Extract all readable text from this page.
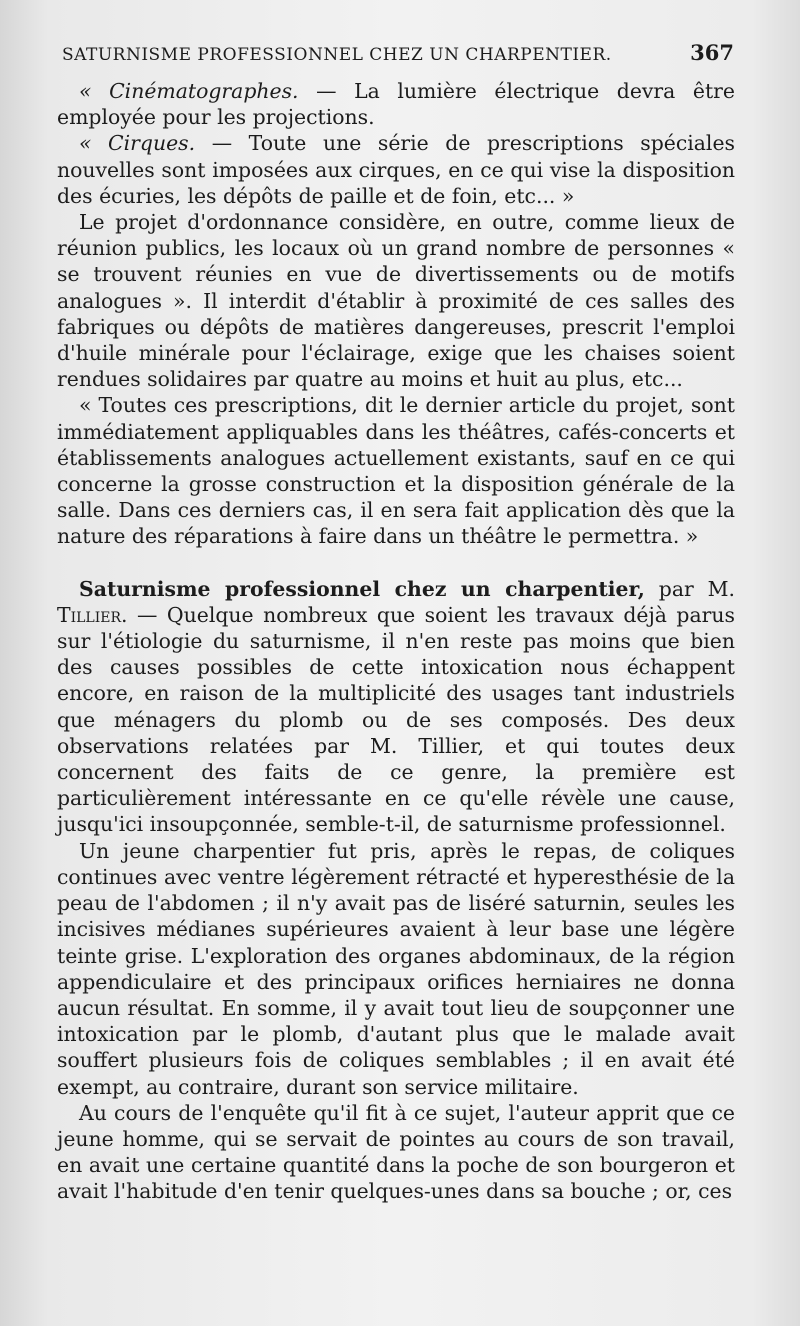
SATURNISME PROFESSIONNEL CHEZ UN CHARPENTIER.	367

« Cinématographes. — La lumière électrique devra être employée pour les projections.

« Cirques. — Toute une série de prescriptions spéciales nouvelles sont imposées aux cirques, en ce qui vise la disposition des écuries, les dépôts de paille et de foin, etc... »

Le projet d'ordonnance considère, en outre, comme lieux de réunion publics, les locaux où un grand nombre de personnes « se trouvent réunies en vue de divertissements ou de motifs analogues ». Il interdit d'établir à proximité de ces salles des fabriques ou dépôts de matières dangereuses, prescrit l'emploi d'huile minérale pour l'éclairage, exige que les chaises soient rendues solidaires par quatre au moins et huit au plus, etc...

« Toutes ces prescriptions, dit le dernier article du projet, sont immédiatement appliquables dans les théâtres, cafés-concerts et établissements analogues actuellement existants, sauf en ce qui concerne la grosse construction et la disposition générale de la salle. Dans ces derniers cas, il en sera fait application dès que la nature des réparations à faire dans un théâtre le permettra. »

Saturnisme professionnel chez un charpentier, par M. Tillier. — Quelque nombreux que soient les travaux déjà parus sur l'étiologie du saturnisme, il n'en reste pas moins que bien des causes possibles de cette intoxication nous échappent encore, en raison de la multiplicité des usages tant industriels que ménagers du plomb ou de ses composés. Des deux observations relatées par M. Tillier, et qui toutes deux concernent des faits de ce genre, la première est particulièrement intéressante en ce qu'elle révèle une cause, jusqu'ici insoupçonnée, semble-t-il, de saturnisme professionnel.

Un jeune charpentier fut pris, après le repas, de coliques continues avec ventre légèrement rétracté et hyperesthésie de la peau de l'abdomen ; il n'y avait pas de liséré saturnin, seules les incisives médianes supérieures avaient à leur base une légère teinte grise. L'exploration des organes abdominaux, de la région appendiculaire et des principaux orifices herniaires ne donna aucun résultat. En somme, il y avait tout lieu de soupçonner une intoxication par le plomb, d'autant plus que le malade avait souffert plusieurs fois de coliques semblables ; il en avait été exempt, au contraire, durant son service militaire.

Au cours de l'enquête qu'il fit à ce sujet, l'auteur apprit que ce jeune homme, qui se servait de pointes au cours de son travail, en avait une certaine quantité dans la poche de son bourgeron et avait l'habitude d'en tenir quelques-unes dans sa bouche ; or, ces
